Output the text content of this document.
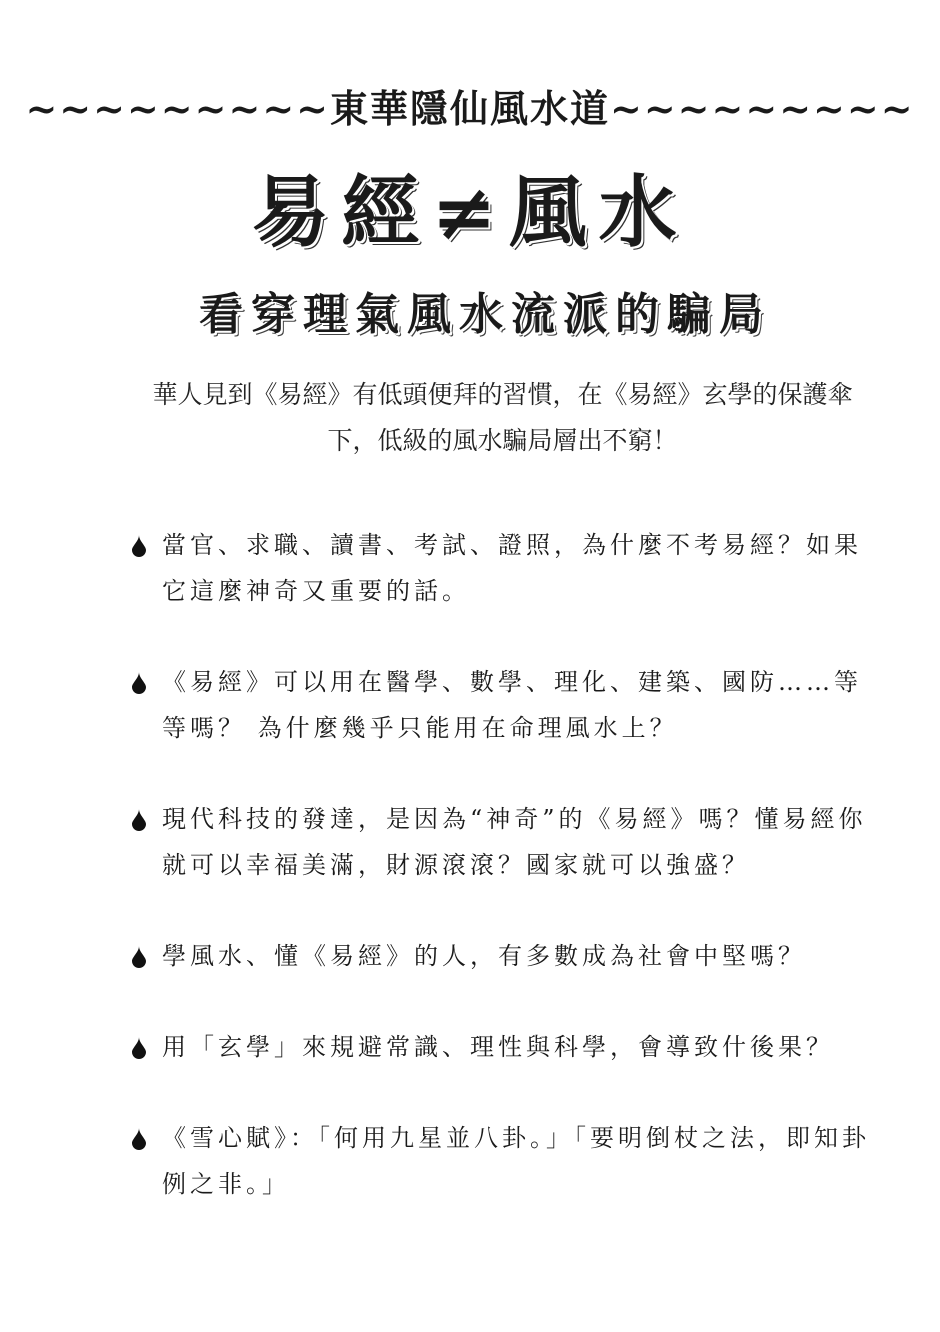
~~~~~~~~~東華隱仙風水道~~~~~~~~~
易經≠風水
看穿理氣風水流派的騙局
華人見到《易經》有低頭便拜的習慣，在《易經》玄學的保護傘下，低級的風水騙局層出不窮！
當官、求職、讀書、考試、證照，為什麼不考易經？如果它這麼神奇又重要的話。
《易經》可以用在醫學、數學、理化、建築、國防……等等嗎？ 為什麼幾乎只能用在命理風水上？
現代科技的發達，是因為“神奇”的《易經》嗎？懂易經你就可以幸福美滿，財源滾滾？國家就可以強盛？
學風水、懂《易經》的人，有多數成為社會中堅嗎？
用「玄學」來規避常識、理性與科學，會導致什後果？
《雪心賦》：「何用九星並八卦。」「要明倒杖之法，即知卦例之非。」
